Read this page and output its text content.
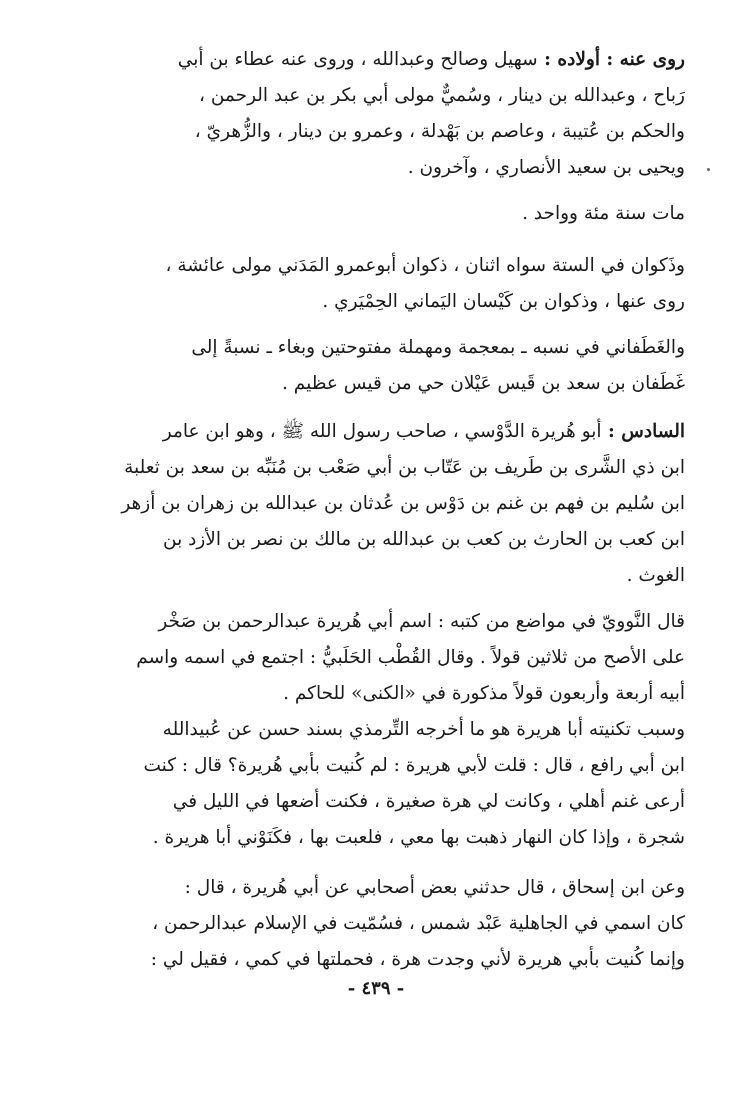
روى عنه : أولاده : سهيل وصالح وعبدالله ، وروى عنه عطاء بن أبي
رَباح ، وعبدالله بن دينار ، وسُميٌّ مولى أبي بكر بن عبد الرحمن ،
والحكم بن عُتيبة ، وعاصم بن بَهْدلة ، وعمرو بن دينار ، والزُّهريّ ،
ويحيى بن سعيد الأنصاري ، وآخرون .
مات سنة مئة وواحد .
وذَكوان في الستة سواه اثنان ، ذكوان أبوعمرو المَدَني مولى عائشة ،
روى عنها ، وذكوان بن كَيْسان اليَماني الحِمْيَري .
والغَطَفاني في نسبه ـ بمعجمة ومهملة مفتوحتين وبغاء ـ نسبةً إلى
غَطَفان بن سعد بن قَيس عَيْلان حي من قيس عظيم .
السادس : أبو هُريرة الدَّوْسي ، صاحب رسول الله ﷺ ، وهو ابن عامر
ابن ذي الشَّرى بن طَريف بن عَتّاب بن أبي صَعْب بن مُنَبِّه بن سعد بن ثعلبة
ابن سُليم بن فهم بن غنم بن دَوْس بن عُدثان بن عبدالله بن زهران بن أزهر
ابن كعب بن الحارث بن كعب بن عبدالله بن مالك بن نصر بن الأزد بن
الغوث .
قال النَّوويّ في مواضع من كتبه : اسم أبي هُريرة عبدالرحمن بن صَخْر
على الأصح من ثلاثين قولاً . وقال القُطْب الحَلَبيُّ : اجتمع في اسمه واسم
أبيه أربعة وأربعون قولاً مذكورة في «الكنى» للحاكم .
وسبب تكنيته أبا هريرة هو ما أخرجه التِّرمذي بسند حسن عن عُبيدالله
ابن أبي رافع ، قال : قلت لأبي هريرة : لم كُنيت بأبي هُريرة؟ قال : كنت
أرعى غنم أهلي ، وكانت لي هرة صغيرة ، فكنت أضعها في الليل في
شجرة ، وإذا كان النهار ذهبت بها معي ، فلعبت بها ، فكَنَوْني أبا هريرة .
وعن ابن إسحاق ، قال حدثني بعض أصحابي عن أبي هُريرة ، قال :
كان اسمي في الجاهلية عَبْد شمس ، فسُمّيت في الإسلام عبدالرحمن ،
وإنما كُنيت بأبي هريرة لأني وجدت هرة ، فحملتها في كمي ، فقيل لي :
- ٤٣٩ -
